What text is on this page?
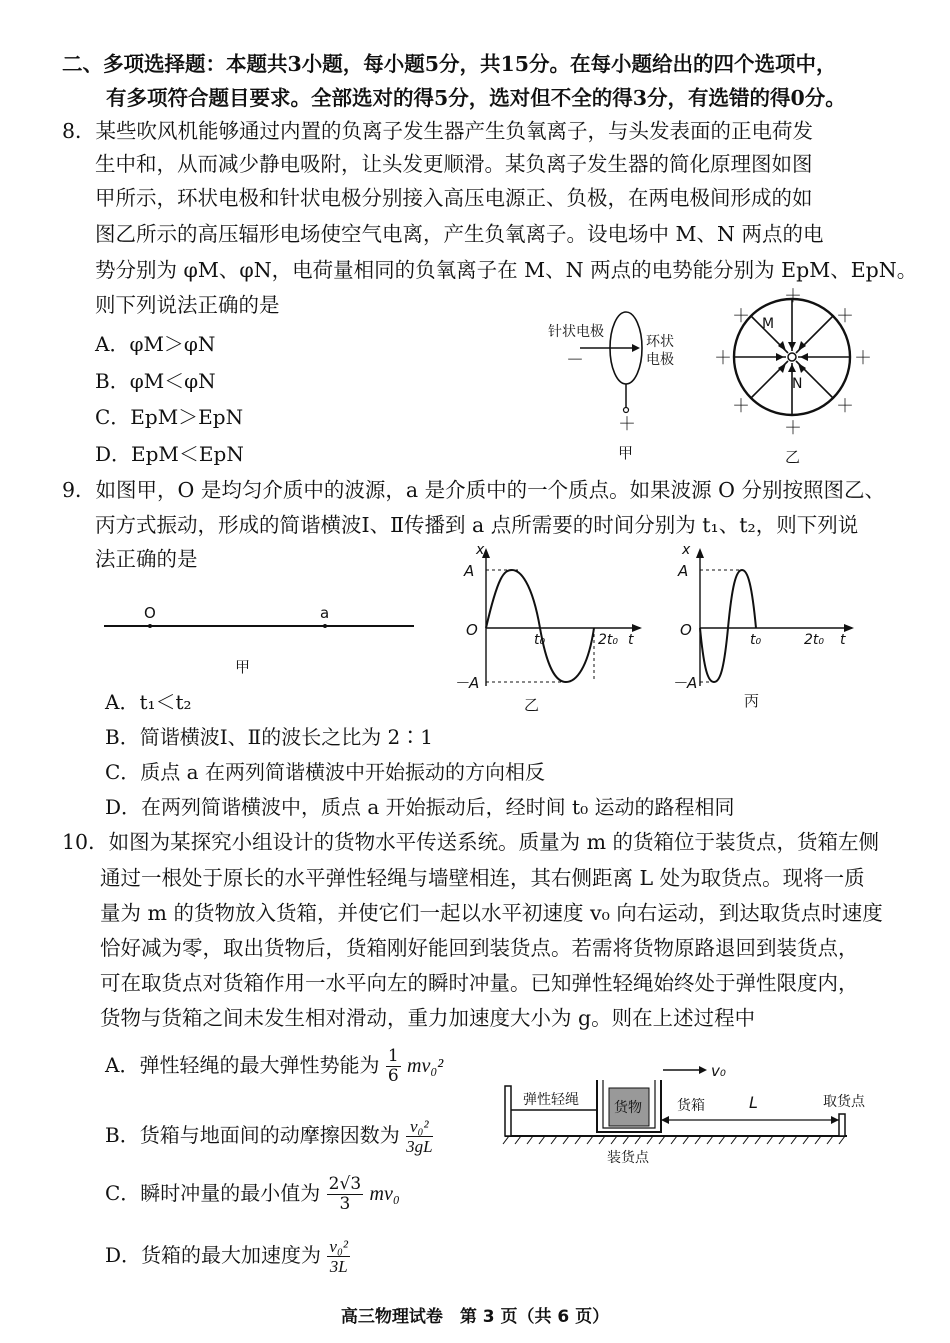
二、多项选择题：本题共3小题，每小题5分，共15分。在每小题给出的四个选项中，
有多项符合题目要求。全部选对的得5分，选对但不全的得3分，有选错的得0分。
8．某些吹风机能够通过内置的负离子发生器产生负氧离子，与头发表面的正电荷发
生中和，从而减少静电吸附，让头发更顺滑。某负离子发生器的简化原理图如图
甲所示，环状电极和针状电极分别接入高压电源正、负极，在两电极间形成的如
图乙所示的高压辐形电场使空气电离，产生负氧离子。设电场中 M、N 两点的电
势分别为 φM、φN，电荷量相同的负氧离子在 M、N 两点的电势能分别为 EpM、EpN。
则下列说法正确的是
A．φM＞φN
B．φM＜φN
C．EpM＞EpN
D．EpM＜EpN
针状电极
－
环状
电极
＋
甲
M
N
＋
＋
＋	＋
＋	＋
＋	＋
乙
9．如图甲，O 是均匀介质中的波源，a 是介质中的一个质点。如果波源 O 分别按照图乙、
丙方式振动，形成的简谐横波Ⅰ、Ⅱ传播到 a 点所需要的时间分别为 t₁、t₂，则下列说
法正确的是
O	a
甲
x
A
O
－A
t₀	2t₀ t
乙
x
A
O
－A
t₀	2t₀ t
丙
A．t₁＜t₂
B．简谐横波Ⅰ、Ⅱ的波长之比为 2∶1
C．质点 a 在两列简谐横波中开始振动的方向相反
D．在两列简谐横波中，质点 a 开始振动后，经时间 t₀ 运动的路程相同
10．如图为某探究小组设计的货物水平传送系统。质量为 m 的货箱位于装货点，货箱左侧
通过一根处于原长的水平弹性轻绳与墙壁相连，其右侧距离 L 处为取货点。现将一质
量为 m 的货物放入货箱，并使它们一起以水平初速度 v₀ 向右运动，到达取货点时速度
恰好减为零，取出货物后，货箱刚好能回到装货点。若需将货物原路退回到装货点，
可在取货点对货箱作用一水平向左的瞬时冲量。已知弹性轻绳始终处于弹性限度内，
货物与货箱之间未发生相对滑动，重力加速度大小为 g。则在上述过程中
A．弹性轻绳的最大弹性势能为 $\frac{1}{6} mv_0^2$
B．货箱与地面间的动摩擦因数为 $\frac{\text{v₀²}}{3gL}$
C．瞬时冲量的最小值为 $\frac{2√3}{3} mv_0$
D．货箱的最大加速度为 $\frac{\text{v₀²}}{3L}$
弹性轻绳	货物
v₀
货箱	L	取货点
装货点
高三物理试卷　第 3 页（共 6 页）
